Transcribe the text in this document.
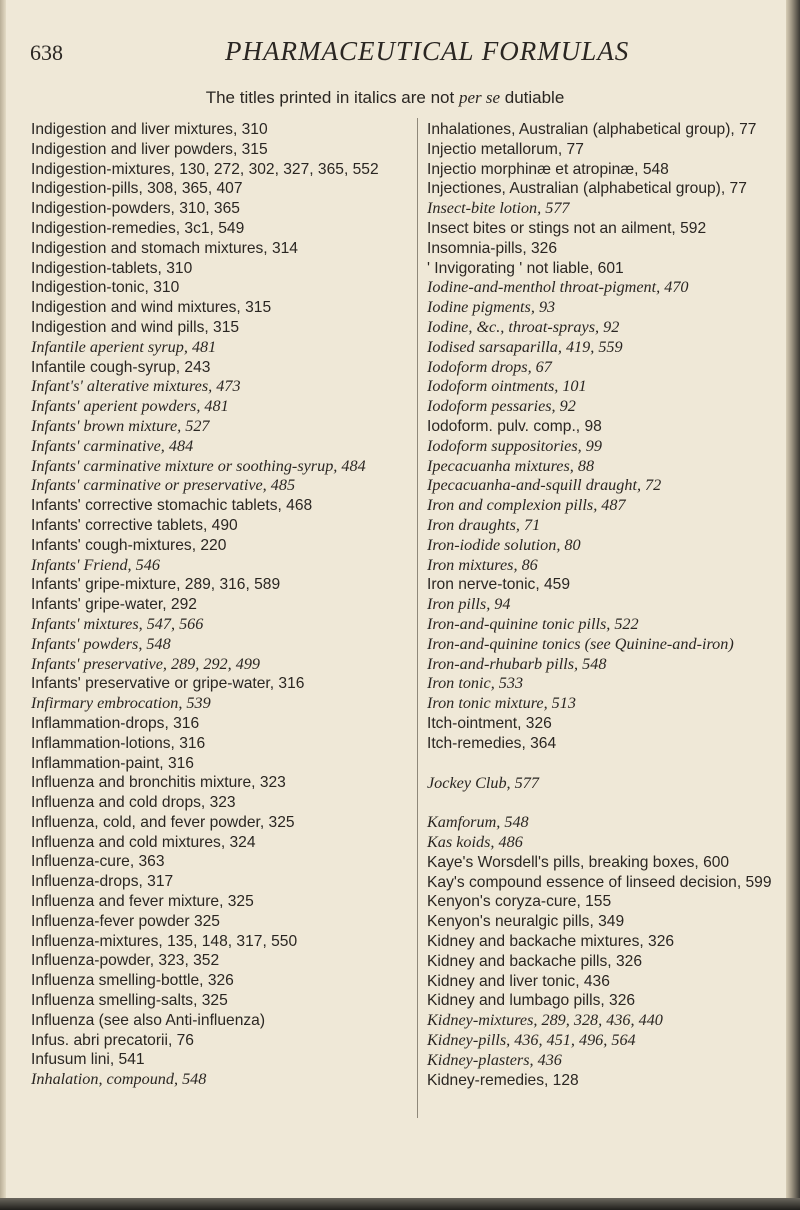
638	PHARMACEUTICAL FORMULAS
The titles printed in italics are not per se dutiable
Indigestion and liver mixtures, 310
Indigestion and liver powders, 315
Indigestion-mixtures, 130, 272, 302, 327, 365, 552
Indigestion-pills, 308, 365, 407
Indigestion-powders, 310, 365
Indigestion-remedies, 3c1, 549
Indigestion and stomach mixtures, 314
Indigestion-tablets, 310
Indigestion-tonic, 310
Indigestion and wind mixtures, 315
Indigestion and wind pills, 315
Infantile aperient syrup, 481
Infantile cough-syrup, 243
Infant's' alterative mixtures, 473
Infants' aperient powders, 481
Infants' brown mixture, 527
Infants' carminative, 484
Infants' carminative mixture or soothing-syrup, 484
Infants' carminative or preservative, 485
Infants' corrective stomachic tablets, 468
Infants' corrective tablets, 490
Infants' cough-mixtures, 220
Infants' Friend, 546
Infants' gripe-mixture, 289, 316, 589
Infants' gripe-water, 292
Infants' mixtures, 547, 566
Infants' powders, 548
Infants' preservative, 289, 292, 499
Infants' preservative or gripe-water, 316
Infirmary embrocation, 539
Inflammation-drops, 316
Inflammation-lotions, 316
Inflammation-paint, 316
Influenza and bronchitis mixture, 323
Influenza and cold drops, 323
Influenza, cold, and fever powder, 325
Influenza and cold mixtures, 324
Influenza-cure, 363
Influenza-drops, 317
Influenza and fever mixture, 325
Influenza-fever powder 325
Influenza-mixtures, 135, 148, 317, 550
Influenza-powder, 323, 352
Influenza smelling-bottle, 326
Influenza smelling-salts, 325
Influenza (see also Anti-influenza)
Infus. abri precatorii, 76
Infusum lini, 541
Inhalation, compound, 548
Inhalationes, Australian (alphabetical group), 77
Injectio metallorum, 77
Injectio morphinæ et atropinæ, 548
Injectiones, Australian (alphabetical group), 77
Insect-bite lotion, 577
Insect bites or stings not an ailment, 592
Insomnia-pills, 326
' Invigorating ' not liable, 601
Iodine-and-menthol throat-pigment, 470
Iodine pigments, 93
Iodine, &c., throat-sprays, 92
Iodised sarsaparilla, 419, 559
Iodoform drops, 67
Iodoform ointments, 101
Iodoform pessaries, 92
Iodoform. pulv. comp., 98
Iodoform suppositories, 99
Ipecacuanha mixtures, 88
Ipecacuanha-and-squill draught, 72
Iron and complexion pills, 487
Iron draughts, 71
Iron-iodide solution, 80
Iron mixtures, 86
Iron nerve-tonic, 459
Iron pills, 94
Iron-and-quinine tonic pills, 522
Iron-and-quinine tonics (see Quinine-and-iron)
Iron-and-rhubarb pills, 548
Iron tonic, 533
Iron tonic mixture, 513
Itch-ointment, 326
Itch-remedies, 364
Jockey Club, 577
Kamforum, 548
Kas koids, 486
Kaye's Worsdell's pills, breaking boxes, 600
Kay's compound essence of linseed decision, 599
Kenyon's coryza-cure, 155
Kenyon's neuralgic pills, 349
Kidney and backache mixtures, 326
Kidney and backache pills, 326
Kidney and liver tonic, 436
Kidney and lumbago pills, 326
Kidney-mixtures, 289, 328, 436, 440
Kidney-pills, 436, 451, 496, 564
Kidney-plasters, 436
Kidney-remedies, 128
